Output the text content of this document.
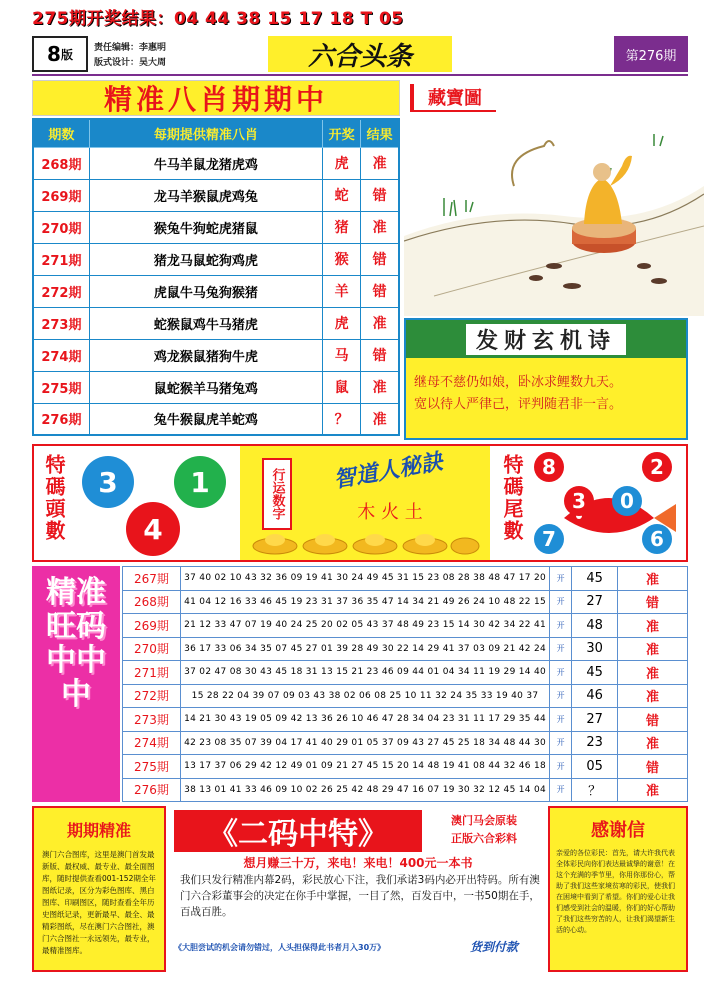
275期开奖结果：04 44 38 15 17 18 T 05
8 版 责任编辑：李惠明
版式设计：吴大周	六合头条	第276期
精准八肖期期中	藏寶圖
期数	每期提供精准八肖	开奖	结果
268期	牛马羊鼠龙猪虎鸡	虎	准
269期	龙马羊猴鼠虎鸡兔	蛇	错
270期	猴兔牛狗蛇虎猪鼠	猪	准
271期	猪龙马鼠蛇狗鸡虎	猴	错
272期	虎鼠牛马兔狗猴猪	羊	错
273期	蛇猴鼠鸡牛马猪虎	虎	准
274期	鸡龙猴鼠猪狗牛虎	马	错
275期	鼠蛇猴羊马猪兔鸡	鼠	准
276期	兔牛猴鼠虎羊蛇鸡	？	准
发财玄机诗
继母不慈仍如娘，卧冰求鲤数九天。
宽以待人严律己，评判随君非一言。
特碼頭數	3	1
4
行运数字	智道人秘訣
木 火 土	特碼尾數 8	2
3	0
7	6
精准旺码中中中
267期	37 40 02 10 43 32 36 09 19 41 30 24 49 45 31 15 23 08 28 38 48 47 17 20	开	45	准
268期	41 04 12 16 33 46 45 19 23 31 37 36 35 47 14 34 21 49 26 24 10 48 22 15	开	27	错
269期	21 12 33 47 07 19 40 24 25 20 02 05 43 37 48 49 23 15 14 30 42 34 22 41	开	48	准
270期	36 17 33 06 34 35 07 45 27 01 39 28 49 30 22 14 29 41 37 03 09 21 42 24	开	30	准
271期	37 02 47 08 30 43 45 18 31 13 15 21 23 46 09 44 01 04 34 11 19 29 14 40	开	45	准
272期	15 28 22 04 39 07 09 03 43 38 02 06 08 25 10 11 32 24 35 33 19 40 37	开	46	准
273期	14 21 30 43 19 05 09 42 13 36 26 10 46 47 28 34 04 23 31 11 17 29 35 44	开	27	错
274期	42 23 08 35 07 39 04 17 41 40 29 01 05 37 09 43 27 45 25 18 34 48 44 30	开	23	准
275期	13 17 37 06 29 42 12 49 01 09 21 27 45 15 20 14 48 19 41 08 44 32 46 18	开	05	错
276期	38 13 01 41 33 46 09 10 02 26 25 42 48 29 47 16 07 19 30 32 12 45 14 04	开	？	准
期期精准
澳门六合图库，这里是澳门首发最新版、最权威、最专业、最全面图库，随时提供查看001-152期全年图纸记录，区分为彩色图库、黑白图库、印刷图区，随时查看全年历史图纸记录，更新最早、最全、最精彩图纸，尽在澳门六合图社，澳门六合图社一永远领先，最专业，最精准图库。
《二码中特》	澳门马会原装
正版六合彩料
想月赚三十万，来电！来电！400元一本书
我们只发行精准内幕2码，彩民放心下注，我们承诺3码内必开出特码。所有澳门六合彩董事会的决定在你手中掌握，一目了然，百发百中，一书50期在手，百战百胜。
《大胆尝试的机会请勿错过，人头担保得此书者月入30万》	货到付款
感谢信
亲爱的各位彩民：首先，请大许我代表全体彩民向你们表达最诚挚的谢意！在这个充满的季节里，你用你那份心，帮助了我们这些家境贫寒的彩民，使我们在困境中看到了希望。你们的爱心让我们感受到社会的温暖，你们的好心帮助了我们这些穷苦的人，让我们渴望新生活的心动。
